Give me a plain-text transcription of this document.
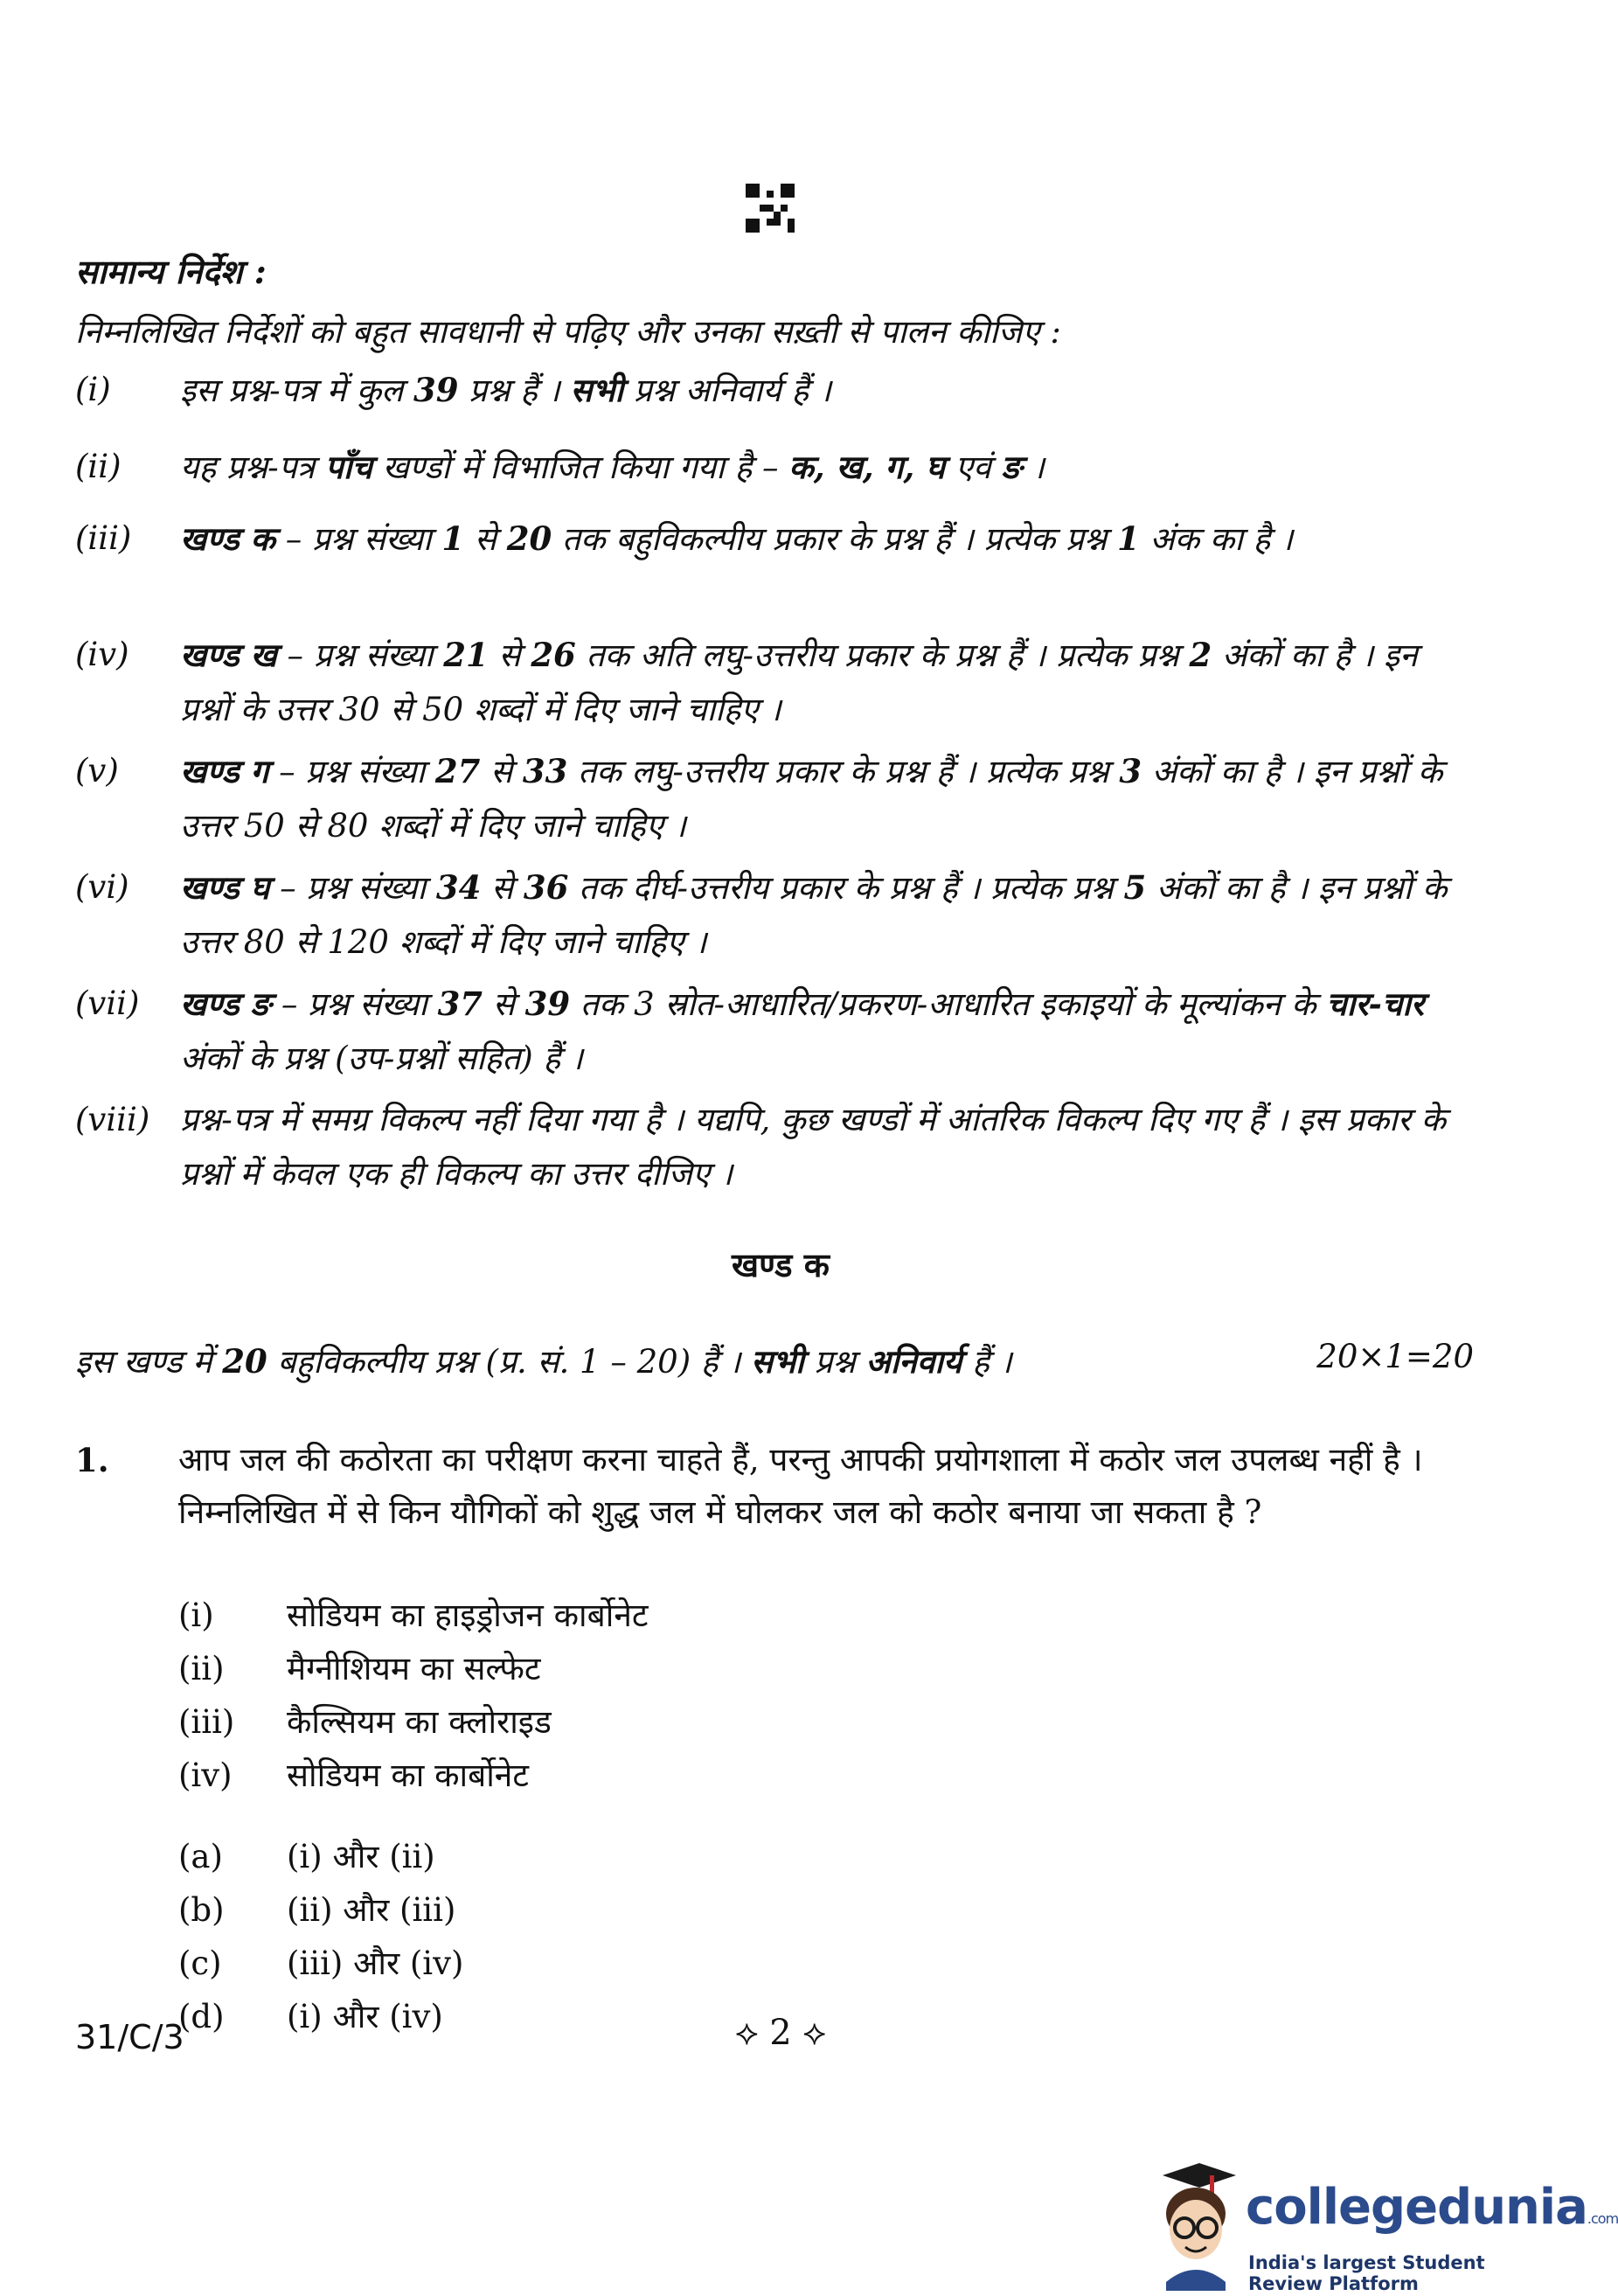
सामान्य निर्देश :
निम्नलिखित निर्देशों को बहुत सावधानी से पढ़िए और उनका सख़्ती से पालन कीजिए :
(i) इस प्रश्न-पत्र में कुल 39 प्रश्न हैं । सभी प्रश्न अनिवार्य हैं ।
(ii) यह प्रश्न-पत्र पाँच खण्डों में विभाजित किया गया है – क, ख, ग, घ एवं ङ ।
(iii) खण्ड क – प्रश्न संख्या 1 से 20 तक बहुविकल्पीय प्रकार के प्रश्न हैं । प्रत्येक प्रश्न 1 अंक का है ।
(iv) खण्ड ख – प्रश्न संख्या 21 से 26 तक अति लघु-उत्तरीय प्रकार के प्रश्न हैं । प्रत्येक प्रश्न 2 अंकों का है । इन प्रश्नों के उत्तर 30 से 50 शब्दों में दिए जाने चाहिए ।
(v) खण्ड ग – प्रश्न संख्या 27 से 33 तक लघु-उत्तरीय प्रकार के प्रश्न हैं । प्रत्येक प्रश्न 3 अंकों का है । इन प्रश्नों के उत्तर 50 से 80 शब्दों में दिए जाने चाहिए ।
(vi) खण्ड घ – प्रश्न संख्या 34 से 36 तक दीर्घ-उत्तरीय प्रकार के प्रश्न हैं । प्रत्येक प्रश्न 5 अंकों का है । इन प्रश्नों के उत्तर 80 से 120 शब्दों में दिए जाने चाहिए ।
(vii) खण्ड ङ – प्रश्न संख्या 37 से 39 तक 3 स्रोत-आधारित/प्रकरण-आधारित इकाइयों के मूल्यांकन के चार-चार अंकों के प्रश्न (उप-प्रश्नों सहित) हैं ।
(viii) प्रश्न-पत्र में समग्र विकल्प नहीं दिया गया है । यद्यपि, कुछ खण्डों में आंतरिक विकल्प दिए गए हैं । इस प्रकार के प्रश्नों में केवल एक ही विकल्प का उत्तर दीजिए ।
खण्ड क
इस खण्ड में 20 बहुविकल्पीय प्रश्न (प्र. सं. 1 – 20) हैं । सभी प्रश्न अनिवार्य हैं ।	20×1=20
1. आप जल की कठोरता का परीक्षण करना चाहते हैं, परन्तु आपकी प्रयोगशाला में कठोर जल उपलब्ध नहीं है । निम्नलिखित में से किन यौगिकों को शुद्ध जल में घोलकर जल को कठोर बनाया जा सकता है ?
(i) सोडियम का हाइड्रोजन कार्बोनेट
(ii) मैग्नीशियम का सल्फेट
(iii) कैल्सियम का क्लोराइड
(iv) सोडियम का कार्बोनेट
(a) (i) और (ii)
(b) (ii) और (iii)
(c) (iii) और (iv)
(d) (i) और (iv)
31/C/3	⟡ 2 ⟡
collegedunia.com
India's largest Student Review Platform
